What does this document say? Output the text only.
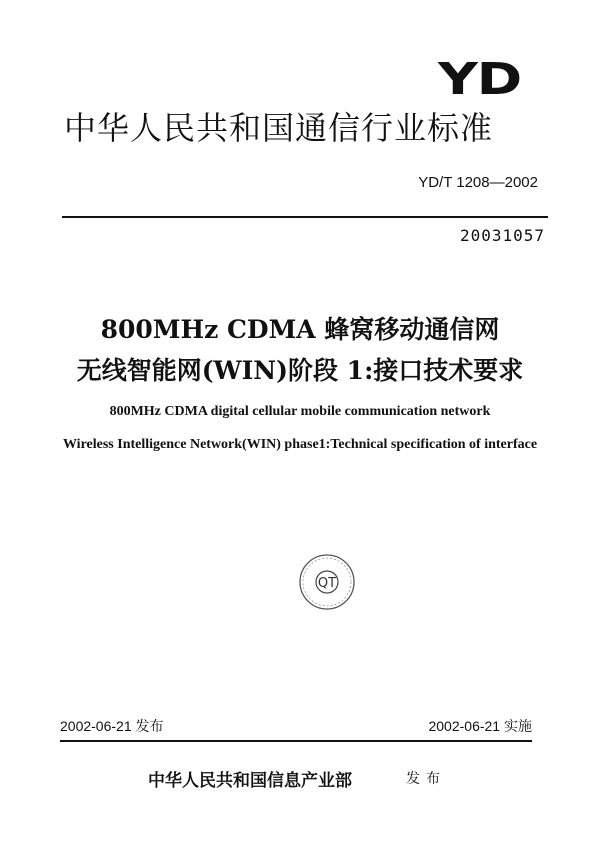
YD
中华人民共和国通信行业标准
YD/T 1208—2002
20031057
800MHz CDMA 蜂窝移动通信网
无线智能网(WIN)阶段 1:接口技术要求
800MHz CDMA digital cellular mobile communication network
Wireless Intelligence Network(WIN) phase1:Technical specification of interface
QT
2002-06-21 发布	2002-06-21 实施
中华人民共和国信息产业部	发布
